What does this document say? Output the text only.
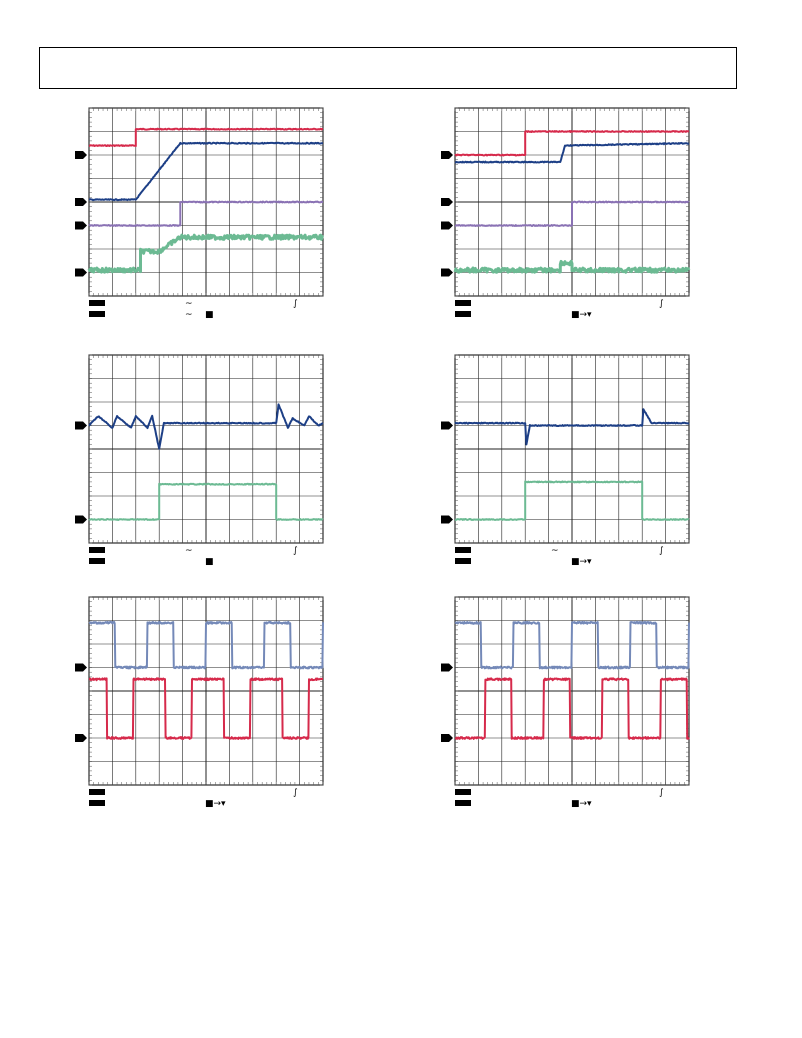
~	∫
~ ■
∫
■→▾
~	∫
■
~	∫
■→▾
∫
■→▾
∫
■→▾
